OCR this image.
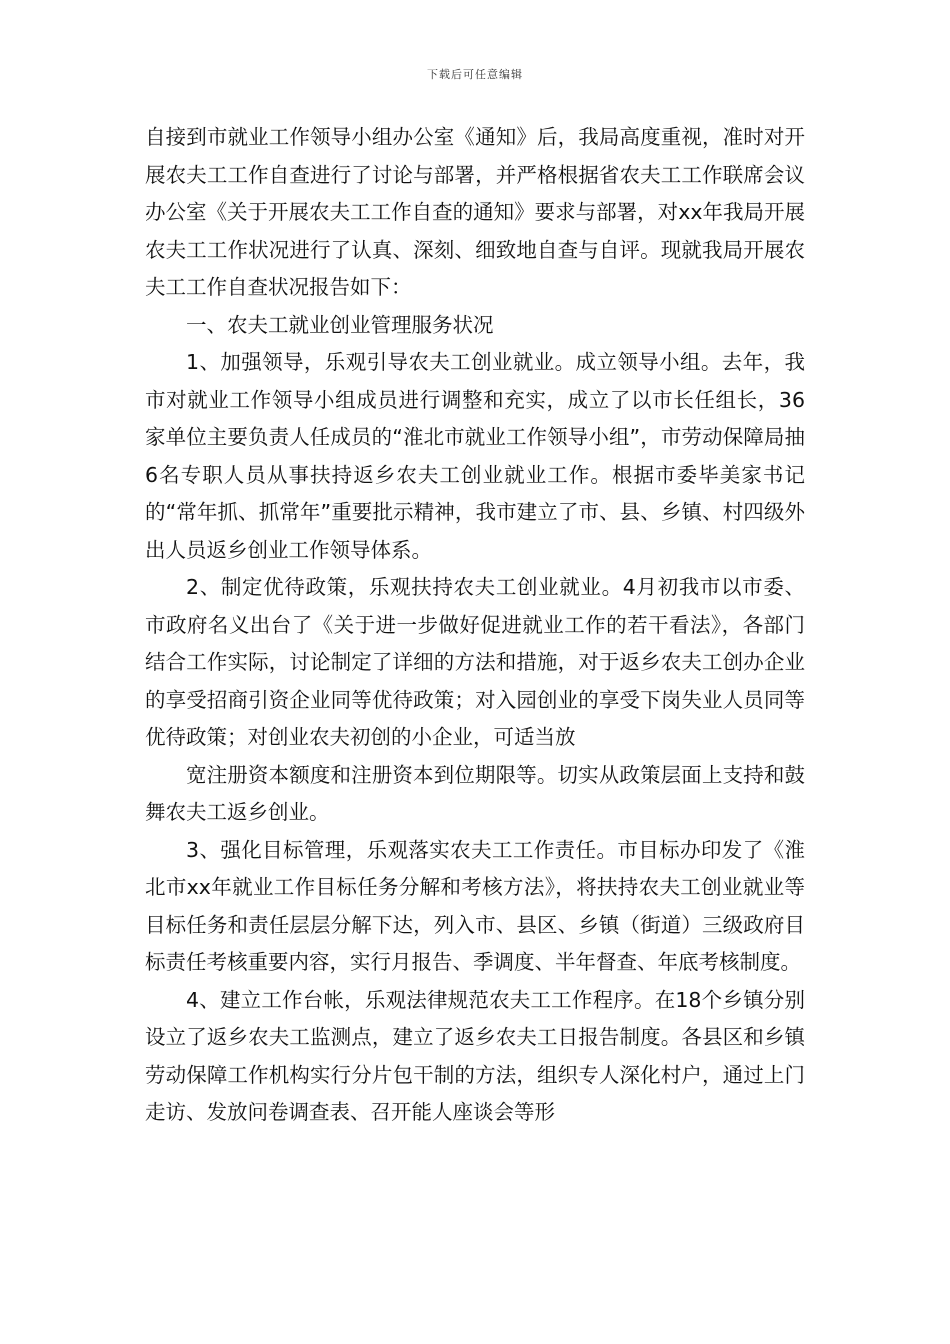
下载后可任意编辑

自接到市就业工作领导小组办公室《通知》后，我局高度重视，准时对开展农夫工工作自查进行了讨论与部署，并严格根据省农夫工工作联席会议办公室《关于开展农夫工工作自查的通知》要求与部署，对xx年我局开展农夫工工作状况进行了认真、深刻、细致地自查与自评。现就我局开展农夫工工作自查状况报告如下：

一、农夫工就业创业管理服务状况

1、加强领导，乐观引导农夫工创业就业。成立领导小组。去年，我市对就业工作领导小组成员进行调整和充实，成立了以市长任组长，36家单位主要负责人任成员的“淮北市就业工作领导小组”，市劳动保障局抽6名专职人员从事扶持返乡农夫工创业就业工作。根据市委毕美家书记的“常年抓、抓常年”重要批示精神，我市建立了市、县、乡镇、村四级外出人员返乡创业工作领导体系。

2、制定优待政策，乐观扶持农夫工创业就业。4月初我市以市委、市政府名义出台了《关于进一步做好促进就业工作的若干看法》，各部门结合工作实际，讨论制定了详细的方法和措施，对于返乡农夫工创办企业的享受招商引资企业同等优待政策；对入园创业的享受下岗失业人员同等优待政策；对创业农夫初创的小企业，可适当放

宽注册资本额度和注册资本到位期限等。切实从政策层面上支持和鼓舞农夫工返乡创业。

3、强化目标管理，乐观落实农夫工工作责任。市目标办印发了《淮北市xx年就业工作目标任务分解和考核方法》，将扶持农夫工创业就业等目标任务和责任层层分解下达，列入市、县区、乡镇（街道）三级政府目标责任考核重要内容，实行月报告、季调度、半年督查、年底考核制度。

4、建立工作台帐，乐观法律规范农夫工工作程序。在18个乡镇分别设立了返乡农夫工监测点，建立了返乡农夫工日报告制度。各县区和乡镇劳动保障工作机构实行分片包干制的方法，组织专人深化村户，通过上门走访、发放问卷调查表、召开能人座谈会等形
